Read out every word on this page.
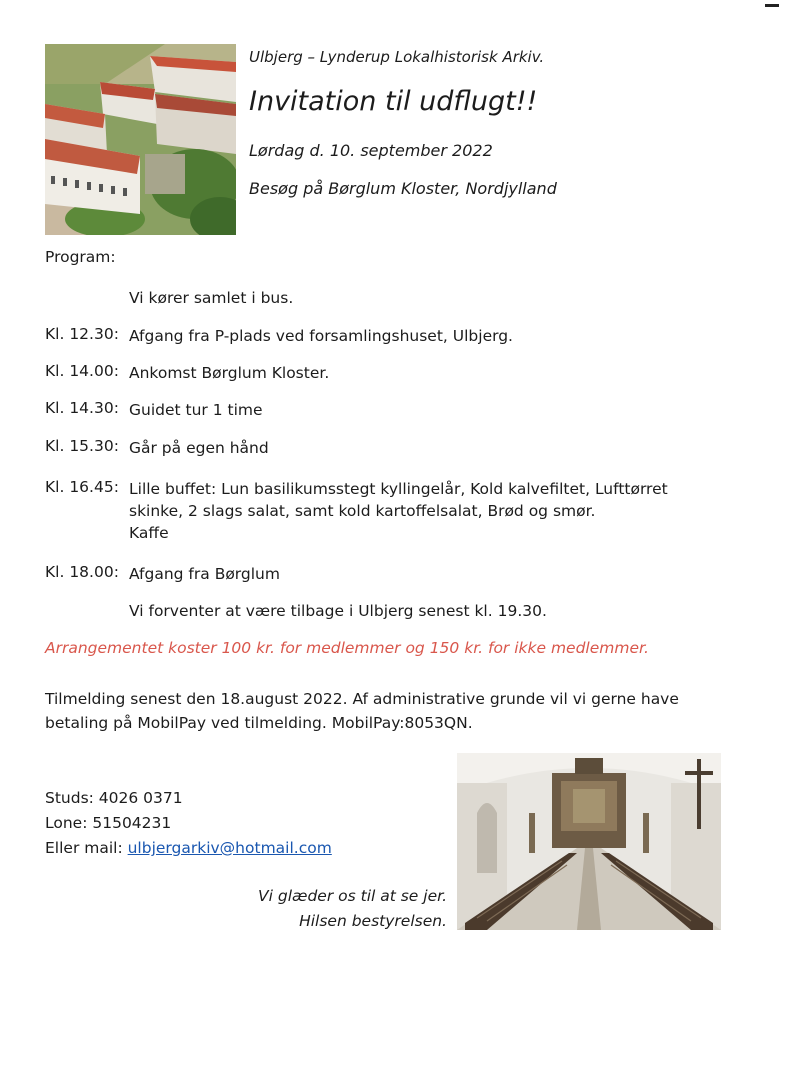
Ulbjerg – Lynderup Lokalhistorisk Arkiv.
Invitation til udflugt!!
Lørdag d. 10. september 2022
Besøg på Børglum Kloster, Nordjylland
Program:
Vi kører samlet i bus.
Kl. 12.30: Afgang fra P-plads ved forsamlingshuset, Ulbjerg.
Kl. 14.00: Ankomst Børglum Kloster.
Kl. 14.30: Guidet tur 1 time
Kl. 15.30: Går på egen hånd
Kl. 16.45: Lille buffet: Lun basilikumsstegt kyllingelår, Kold kalvefiltet, Lufttørret
skinke, 2 slags salat, samt kold kartoffelsalat, Brød og smør.
Kaffe
Kl. 18.00: Afgang fra Børglum
Vi forventer at være tilbage i Ulbjerg senest kl. 19.30.
Arrangementet koster 100 kr. for medlemmer og 150 kr. for ikke medlemmer.
Tilmelding senest den 18.august 2022. Af administrative grunde vil vi gerne have
betaling på MobilPay ved tilmelding. MobilPay:8053QN.
Studs: 4026 0371
Lone: 51504231
Eller mail: ulbjergarkiv@hotmail.com
Vi glæder os til at se jer.
Hilsen bestyrelsen.
